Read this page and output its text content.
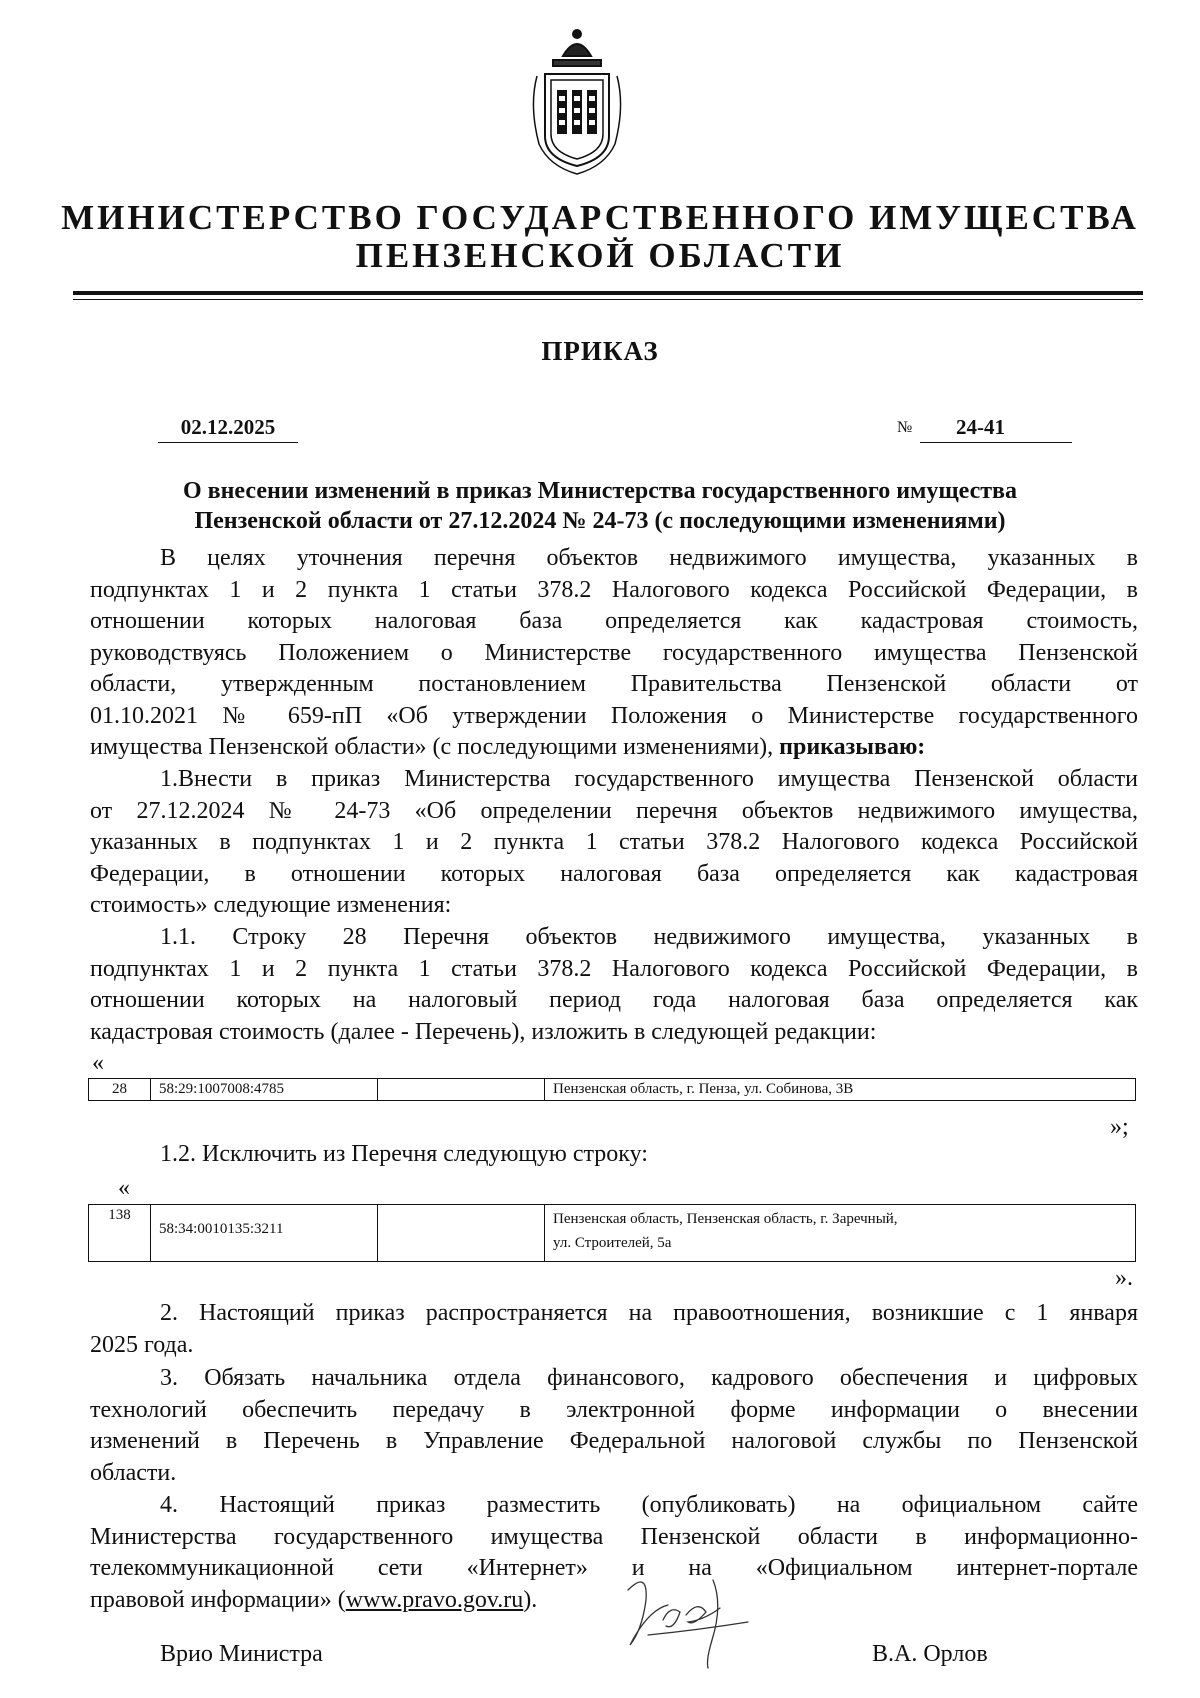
МИНИСТЕРСТВО ГОСУДАРСТВЕННОГО ИМУЩЕСТВА
ПЕНЗЕНСКОЙ ОБЛАСТИ
ПРИКАЗ
02.12.2025	№	24-41
О внесении изменений в приказ Министерства государственного имущества
Пензенской области от 27.12.2024 № 24-73 (с последующими изменениями)

В целях уточнения перечня объектов недвижимого имущества, указанных в

подпунктах 1 и 2 пункта 1 статьи 378.2 Налогового кодекса Российской Федерации, в

отношении которых налоговая база определяется как кадастровая стоимость,

руководствуясь Положением о Министерстве государственного имущества Пензенской

области, утвержденным постановлением Правительства Пензенской области от

01.10.2021 № 659-пП «Об утверждении Положения о Министерстве государственного

имущества Пензенской области» (с последующими изменениями), приказываю:

1.Внести в приказ Министерства государственного имущества Пензенской области

от 27.12.2024 № 24-73 «Об определении перечня объектов недвижимого имущества,

указанных в подпунктах 1 и 2 пункта 1 статьи 378.2 Налогового кодекса Российской

Федерации, в отношении которых налоговая база определяется как кадастровая

стоимость» следующие изменения:

1.1. Строку 28 Перечня объектов недвижимого имущества, указанных в

подпунктах 1 и 2 пункта 1 статьи 378.2 Налогового кодекса Российской Федерации, в

отношении которых на налоговый период года налоговая база определяется как

кадастровая стоимость (далее - Перечень), изложить в следующей редакции:

«
28	58:29:1007008:4785		Пензенская область, г. Пенза, ул. Собинова, 3В
»;
1.2. Исключить из Перечня следующую строку:
«
138	58:34:0010135:3211		
Пензенская область, Пензенская область, г. Заречный,
ул. Строителей, 5а
».

2. Настоящий приказ распространяется на правоотношения, возникшие с 1 января

2025 года.

3. Обязать начальника отдела финансового, кадрового обеспечения и цифровых

технологий обеспечить передачу в электронной форме информации о внесении

изменений в Перечень в Управление Федеральной налоговой службы по Пензенской

области.

4. Настоящий приказ разместить (опубликовать) на официальном сайте

Министерства государственного имущества Пензенской области в информационно-

телекоммуникационной сети «Интернет» и на «Официальном интернет-портале

правовой информации» (www.pravo.gov.ru).

Врио Министра	В.А. Орлов
